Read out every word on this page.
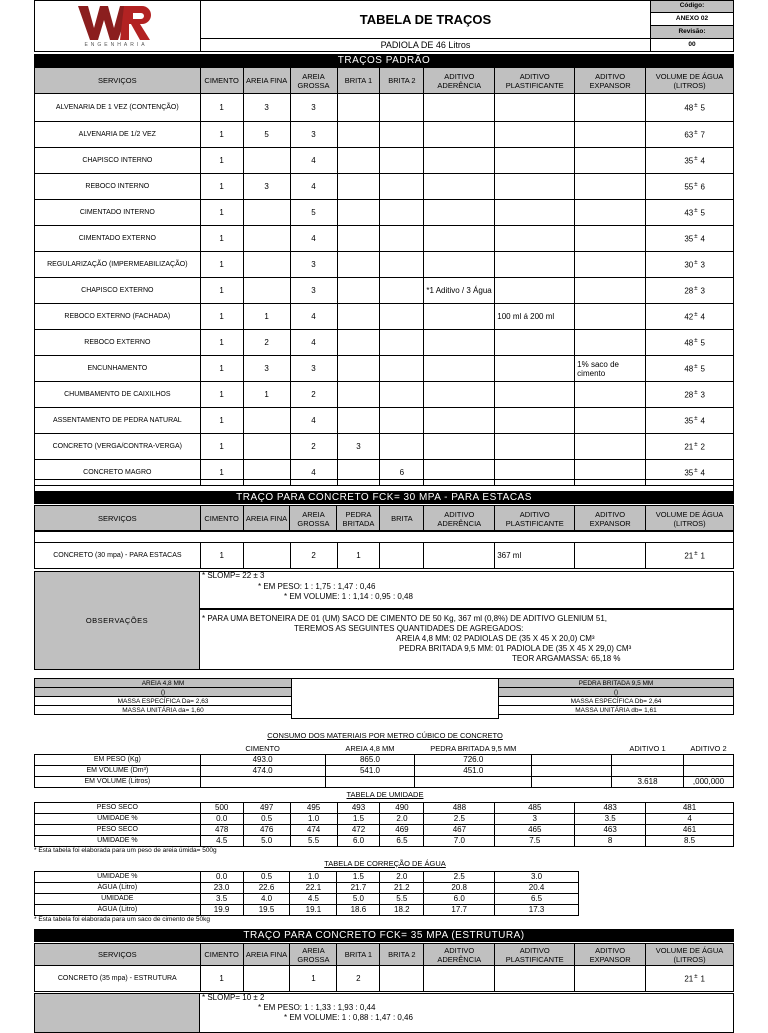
ENGENHARIA
TABELA DE TRAÇOS
PADIOLA DE 46 Litros
Código:
ANEXO 02
Revisão:
00
TRAÇOS PADRÃO
SERVIÇOS	CIMENTO	AREIA FINA	AREIA GROSSA	BRITA 1	BRITA 2	ADITIVO ADERÊNCIA	ADITIVO PLASTIFICANTE	ADITIVO EXPANSOR	VOLUME DE ÁGUA (LITROS)
ALVENARIA DE 1 VEZ (CONTENÇÃO)	1	3	3						48± 5
ALVENARIA DE 1/2 VEZ	1	5	3						63± 7
CHAPISCO INTERNO	1		4						35± 4
REBOCO INTERNO	1	3	4						55± 6
CIMENTADO INTERNO	1		5						43± 5
CIMENTADO EXTERNO	1		4						35± 4
REGULARIZAÇÃO (IMPERMEABILIZAÇÃO)	1		3						30± 3
CHAPISCO EXTERNO	1		3			*1 Aditivo / 3 Água			28± 3
REBOCO EXTERNO (FACHADA)	1	1	4				100 ml á 200 ml		42± 4
REBOCO EXTERNO	1	2	4						48± 5
ENCUNHAMENTO	1	3	3					1% saco de cimento	48± 5
CHUMBAMENTO DE CAIXILHOS	1	1	2						28± 3
ASSENTAMENTO DE PEDRA NATURAL	1		4						35± 4
CONCRETO (VERGA/CONTRA-VERGA)	1		2	3					21± 2
CONCRETO MAGRO	1		4		6				35± 4
TRAÇO PARA CONCRETO FCK= 30 MPA - PARA ESTACAS
SERVIÇOS	CIMENTO	AREIA FINA	AREIA GROSSA	PEDRA BRITADA	BRITA	ADITIVO ADERÊNCIA	ADITIVO PLASTIFICANTE	ADITIVO EXPANSOR	VOLUME DE ÁGUA (LITROS)
CONCRETO (30 mpa) - PARA ESTACAS	1		2	1			367 ml		21± 1
OBSERVAÇÕES
* SLOMP= 22 ± 3
* EM PESO: 1 : 1,75 : 1,47 : 0,46
* EM VOLUME: 1 : 1,14 : 0,95 : 0,48
* PARA UMA BETONEIRA DE 01 (UM) SACO DE CIMENTO DE 50 Kg, 367 ml (0,8%) DE ADITIVO GLENIUM 51,
TEREMOS AS SEGUINTES QUANTIDADES DE AGREGADOS:
AREIA 4,8 MM: 02 PADIOLAS DE (35 X 45 X 20,0) CM³
PEDRA BRITADA 9,5 MM: 01 PADIOLA DE (35 X 45 X 29,0) CM³
TEOR ARGAMASSA: 65,18 %
AREIA 4,8 MM
()
MASSA ESPECÍFICA Da= 2,63
MASSA UNITÁRIA da= 1,60
PEDRA BRITADA 9,5 MM
()
MASSA ESPECÍFICA Db= 2,64
MASSA UNITÁRIA db= 1,61
CONSUMO DOS MATERIAIS POR METRO CÚBICO DE CONCRETO
	CIMENTO	AREIA 4,8 MM	PEDRA BRITADA 9,5 MM		ADITIVO 1	ADITIVO 2
EM PESO (Kg)	493.0	865.0	726.0			
EM VOLUME (Dm³)	474.0	541.0	451.0			
EM VOLUME (Litros)					3.618	,000,000
TABELA DE UMIDADE
PESO SECO	500	497	495	493	490	488	485	483	481
UMIDADE %	0.0	0.5	1.0	1.5	2.0	2.5	3	3.5	4
PESO SECO	478	476	474	472	469	467	465	463	461
UMIDADE %	4.5	5.0	5.5	6.0	6.5	7.0	7.5	8	8.5
* Esta tabela foi elaborada para um peso de areia úmida= 500g
TABELA DE CORREÇÃO DE ÁGUA
UMIDADE %	0.0	0.5	1.0	1.5	2.0	2.5	3.0
ÁGUA (Litro)	23.0	22.6	22.1	21.7	21.2	20.8	20.4
UMIDADE	3.5	4.0	4.5	5.0	5.5	6.0	6.5
ÁGUA (Litro)	19.9	19.5	19.1	18.6	18.2	17.7	17.3
* Esta tabela foi elaborada para um saco de cimento de 50kg
TRAÇO PARA CONCRETO FCK= 35 MPA (ESTRUTURA)
SERVIÇOS	CIMENTO	AREIA FINA	AREIA GROSSA	BRITA 1	BRITA 2	ADITIVO ADERÊNCIA	ADITIVO PLASTIFICANTE	ADITIVO EXPANSOR	VOLUME DE ÁGUA (LITROS)
CONCRETO (35 mpa) - ESTRUTURA	1		1	2					21± 1
* SLOMP= 10 ± 2
* EM PESO: 1 : 1,33 : 1,93 : 0,44
* EM VOLUME: 1 : 0,88 : 1,47 : 0,46
